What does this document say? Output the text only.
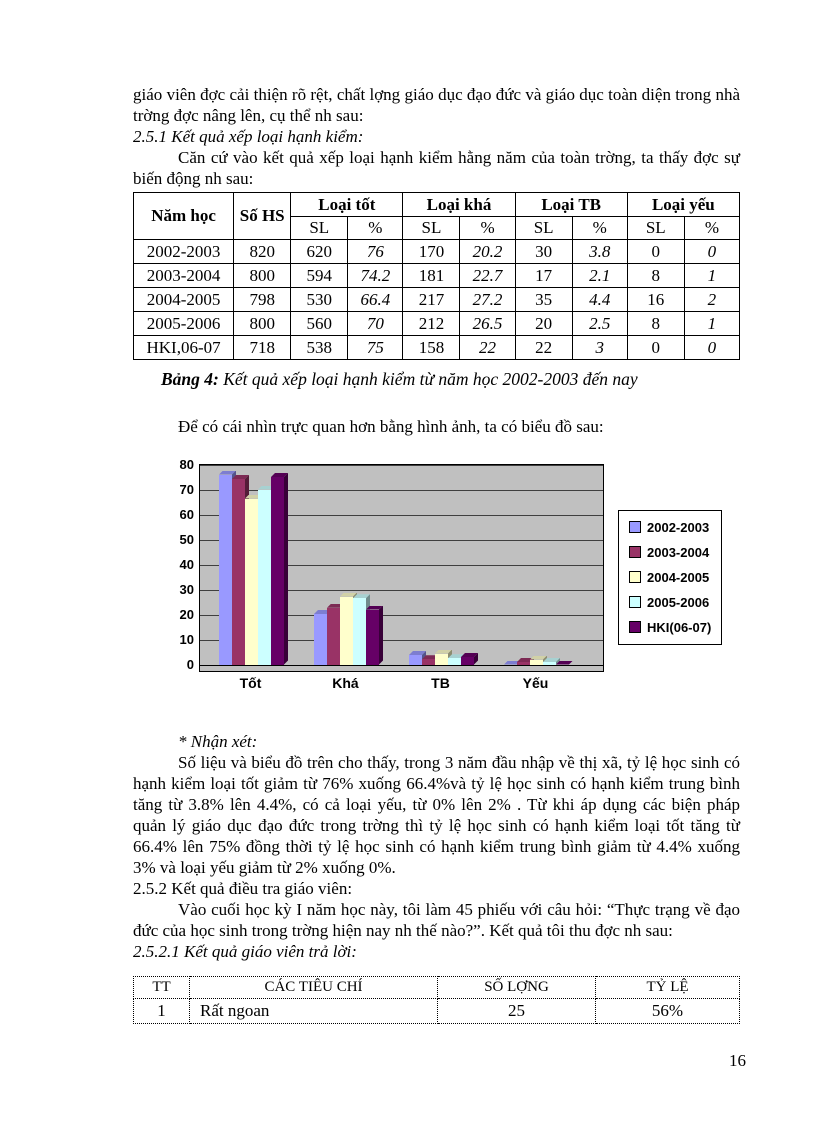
giáo viên đợc cải thiện rõ rệt, chất lợng giáo dục đạo đức và giáo dục toàn diện trong nhà trờng đợc nâng lên, cụ thể nh sau:

2.5.1 Kết quả xếp loại hạnh kiểm:

Căn cứ vào kết quả xếp loại hạnh kiểm hằng năm của toàn trờng, ta thấy đợc sự biến động nh sau:

Năm học	Số HS	Loại tốt		Loại khá		Loại TB		Loại yếu	
		SL	%	SL	%	SL	%	SL	%
2002-2003	820	620	76	170	20.2	30	3.8	0	0
2003-2004	800	594	74.2	181	22.7	17	2.1	8	1
2004-2005	798	530	66.4	217	27.2	35	4.4	16	2
2005-2006	800	560	70	212	26.5	20	2.5	8	1
HKI,06-07	718	538	75	158	22	22	3	0	0

Bảng 4: Kết quả xếp loại hạnh kiểm từ năm học 2002-2003 đến nay

Để có cái nhìn trực quan hơn bằng hình ảnh, ta có biểu đồ sau:

0
10
20
30
40
50
60
70
80
Tốt	Khá	TB	Yếu
2002-2003
2003-2004
2004-2005
2005-2006
HKI(06-07)

* Nhận xét:

Số liệu và biểu đồ trên cho thấy, trong 3 năm đầu nhập về thị xã, tỷ lệ học sinh có hạnh kiểm loại tốt giảm từ 76% xuống 66.4%và tỷ lệ học sinh có hạnh kiểm trung bình tăng từ 3.8% lên 4.4%, có cả loại yếu, từ 0% lên 2% . Từ khi áp dụng các biện pháp quản lý giáo dục đạo đức trong trờng thì tỷ lệ học sinh có hạnh kiểm loại tốt tăng từ 66.4% lên 75% đồng thời tỷ lệ học sinh có hạnh kiểm trung bình giảm từ 4.4% xuống 3% và loại yếu giảm từ 2% xuống 0%.

2.5.2 Kết quả điều tra giáo viên:

Vào cuối học kỳ I năm học này, tôi làm 45 phiếu với câu hỏi: “Thực trạng về đạo đức của học sinh trong trờng hiện nay nh thế nào?”. Kết quả tôi thu đợc nh sau:

2.5.2.1 Kết quả giáo viên trả lời:

TT	CÁC TIÊU CHÍ	SỐ LỢNG	TỶ LỆ
1	Rất ngoan	25	56%
16
